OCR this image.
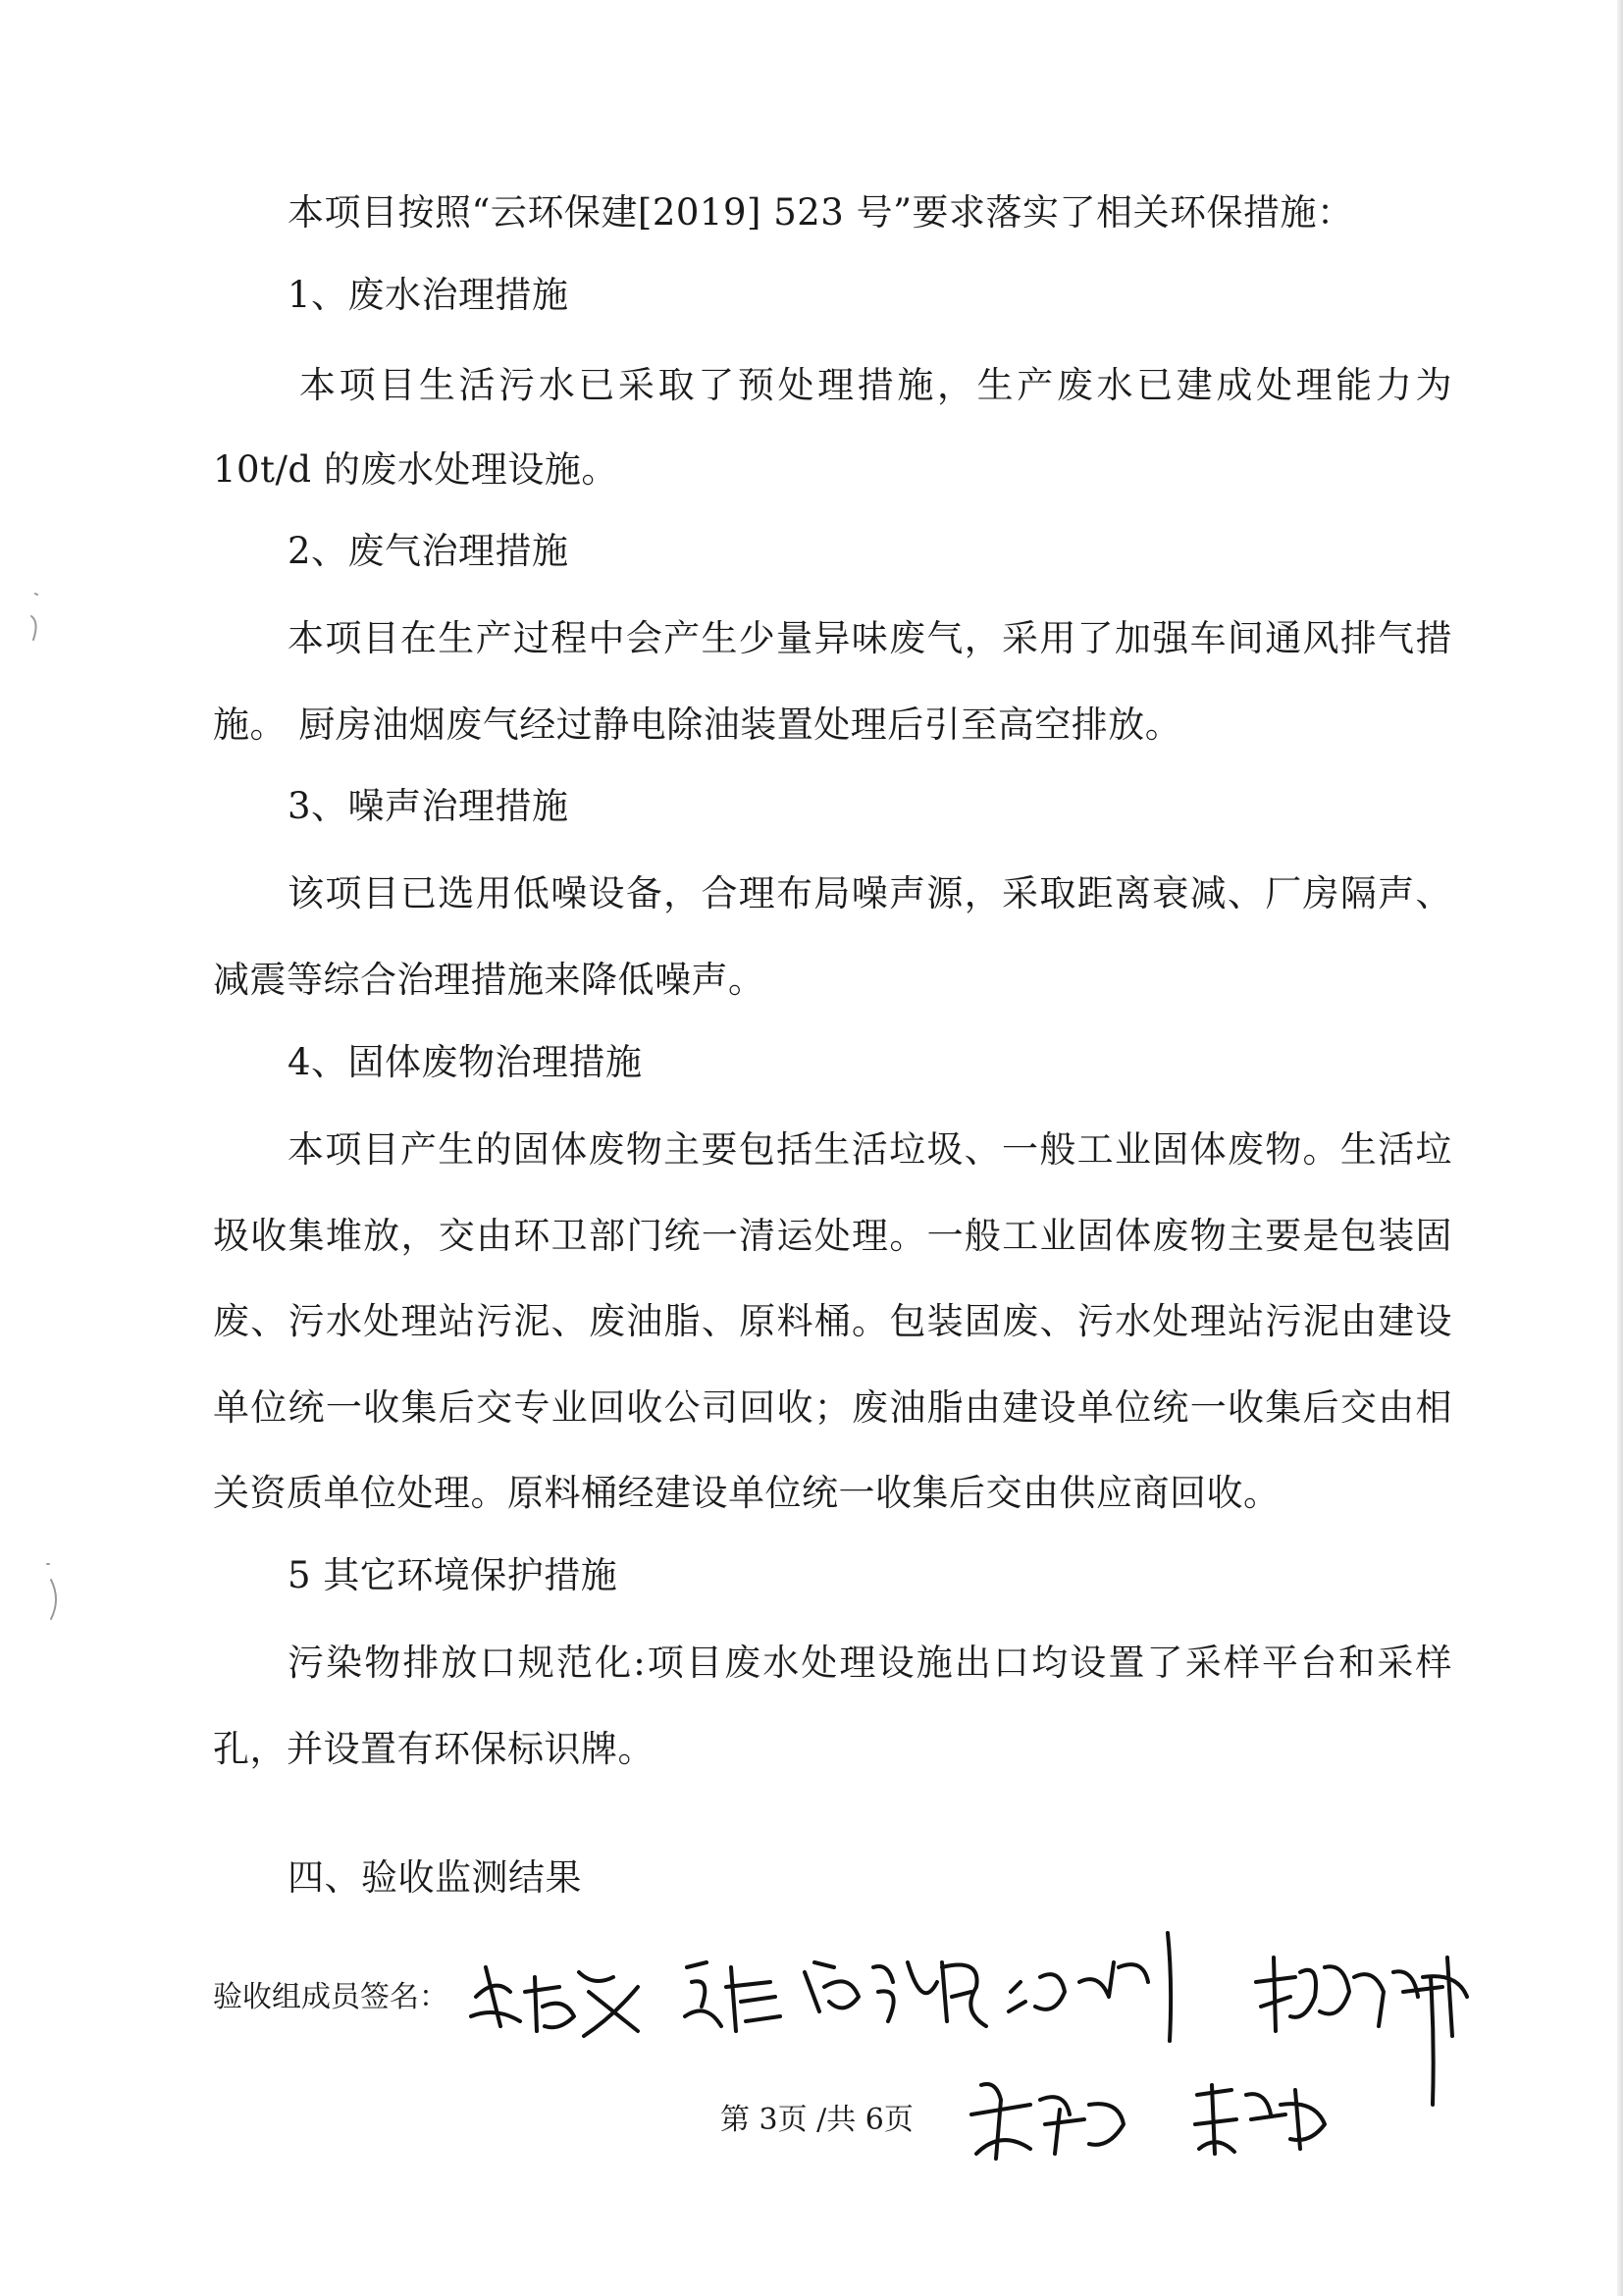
本项目按照“云环保建[2019] 523 号”要求落实了相关环保措施：

1、废水治理措施

本项目生活污水已采取了预处理措施，生产废水已建成处理能力为

10t/d 的废水处理设施。

2、废气治理措施

本项目在生产过程中会产生少量异味废气，采用了加强车间通风排气措

施。 厨房油烟废气经过静电除油装置处理后引至高空排放。

3、噪声治理措施

该项目已选用低噪设备，合理布局噪声源，采取距离衰减、厂房隔声、

减震等综合治理措施来降低噪声。

4、固体废物治理措施

本项目产生的固体废物主要包括生活垃圾、一般工业固体废物。生活垃

圾收集堆放，交由环卫部门统一清运处理。一般工业固体废物主要是包装固

废、污水处理站污泥、废油脂、原料桶。包装固废、污水处理站污泥由建设

单位统一收集后交专业回收公司回收；废油脂由建设单位统一收集后交由相

关资质单位处理。原料桶经建设单位统一收集后交由供应商回收。

5 其它环境保护措施

污染物排放口规范化:项目废水处理设施出口均设置了采样平台和采样

孔，并设置有环保标识牌。

四、验收监测结果

验收组成员签名：
第 3页 /共 6页
